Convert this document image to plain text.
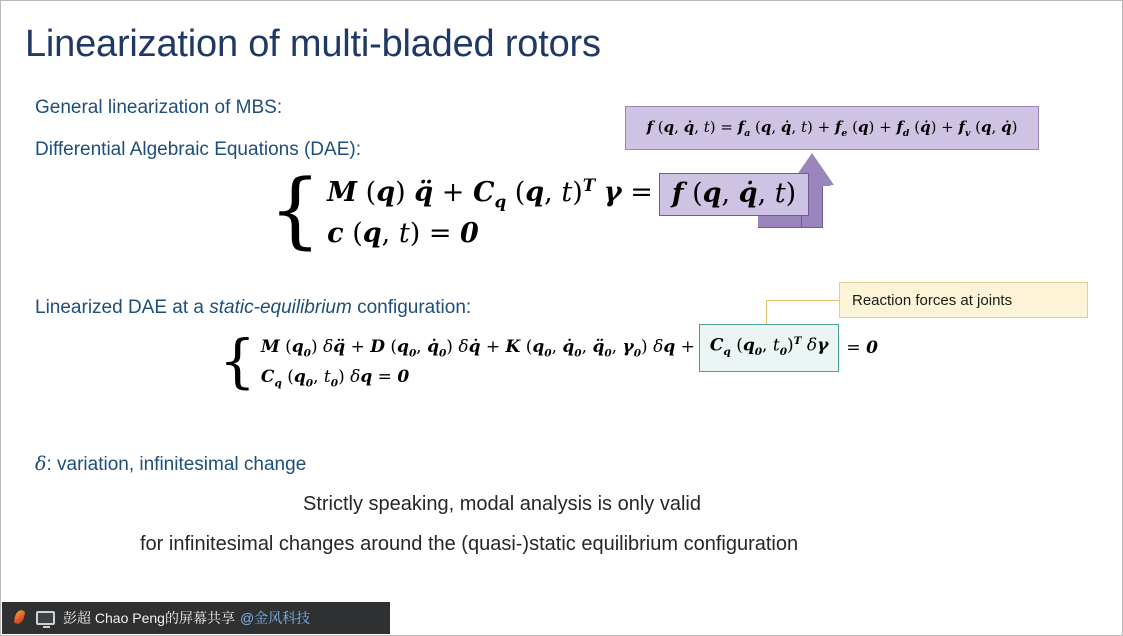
Linearization of multi-bladed rotors
General linearization of MBS:
Differential Algebraic Equations (DAE):
f (q, q̇, $t) = f_a$ (q, q̇, $t) + f_e$ $(q) + f_d$ (q̇) + $f_v$ (q, q̇)
{ M (q) q̈ + $C_q$ (q, t)$^T$ γ = f (q, q̇, t)
c (q, t) = 0
Linearized DAE at a static-equilibrium configuration:	Reaction forces at joints
{ M $(q_0)$ δq̈ + D ($q_0$, $q̇_0$) δq̇ + K ($q_0$, $q̇_0$, $q̈_0$, $\gamma_0$) $\delta q + C_q$ ($q_0$, $t_0)^T$ δγ = 0
$C_q$ ($q_0$, $t_0$) δq = 0
δ: variation, infinitesimal change
Strictly speaking, modal analysis is only valid
for infinitesimal changes around the (quasi-)static equilibrium configuration
彭超 Chao Peng的屏幕共享 @金风科技
